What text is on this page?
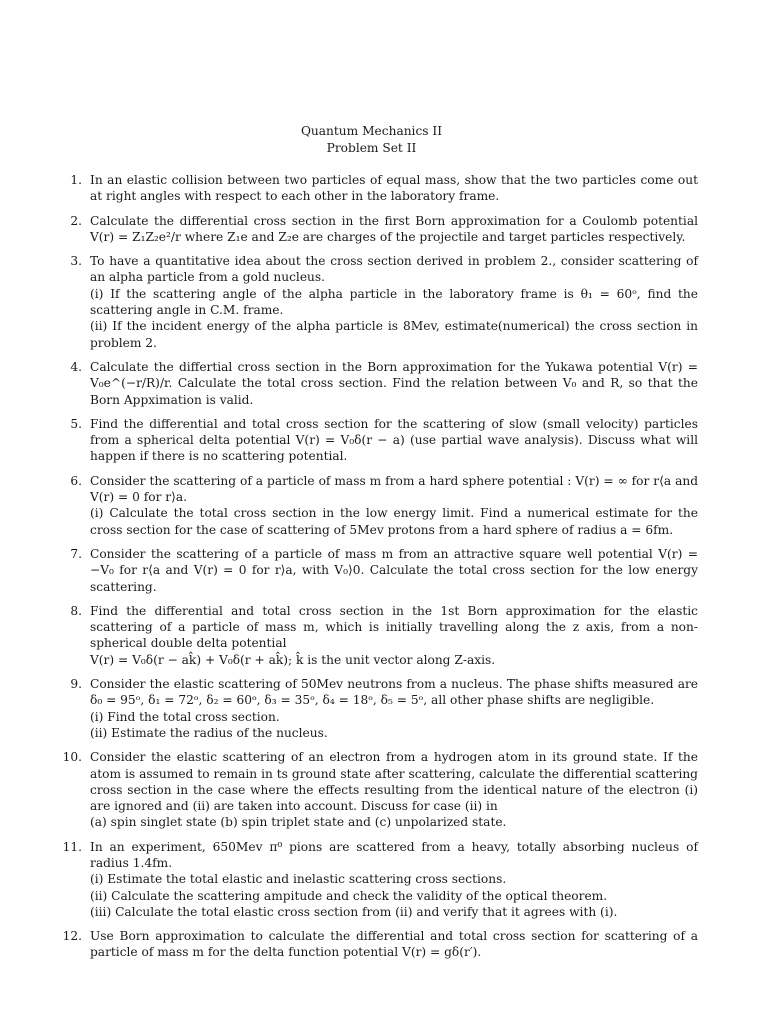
Quantum Mechanics II
Problem Set II
1. In an elastic collision between two particles of equal mass, show that the two particles come out at right angles with respect to each other in the laboratory frame.
2. Calculate the differential cross section in the first Born approximation for a Coulomb potential V(r) = Z₁Z₂e²/r where Z₁e and Z₂e are charges of the projectile and target particles respectively.
3. To have a quantitative idea about the cross section derived in problem 2., consider scattering of an alpha particle from a gold nucleus.
(i) If the scattering angle of the alpha particle in the laboratory frame is θ₁ = 60ᵒ, find the scattering angle in C.M. frame.
(ii) If the incident energy of the alpha particle is 8Mev, estimate(numerical) the cross section in problem 2.
4. Calculate the differtial cross section in the Born approximation for the Yukawa potential V(r) = V₀e^(−r/R)/r. Calculate the total cross section. Find the relation between V₀ and R, so that the Born Appximation is valid.
5. Find the differential and total cross section for the scattering of slow (small velocity) particles from a spherical delta potential V(r) = V₀δ(r − a) (use partial wave analysis). Discuss what will happen if there is no scattering potential.
6. Consider the scattering of a particle of mass m from a hard sphere potential : V(r) = ∞ for r⟨a and V(r) = 0 for r⟩a.
(i) Calculate the total cross section in the low energy limit. Find a numerical estimate for the cross section for the case of scattering of 5Mev protons from a hard sphere of radius a = 6fm.
7. Consider the scattering of a particle of mass m from an attractive square well potential V(r) = −V₀ for r⟨a and V(r) = 0 for r⟩a, with V₀⟩0. Calculate the total cross section for the low energy scattering.
8. Find the differential and total cross section in the 1st Born approximation for the elastic scattering of a particle of mass m, which is initially travelling along the z axis, from a non-spherical double delta potential
V(r) = V₀δ(r − ak̂) + V₀δ(r + ak̂); k̂ is the unit vector along Z-axis.
9. Consider the elastic scattering of 50Mev neutrons from a nucleus. The phase shifts measured are δ₀ = 95ᵒ, δ₁ = 72ᵒ, δ₂ = 60ᵒ, δ₃ = 35ᵒ, δ₄ = 18ᵒ, δ₅ = 5ᵒ, all other phase shifts are negligible.
(i) Find the total cross section.
(ii) Estimate the radius of the nucleus.
10. Consider the elastic scattering of an electron from a hydrogen atom in its ground state. If the atom is assumed to remain in ts ground state after scattering, calculate the differential scattering cross section in the case where the effects resulting from the identical nature of the electron (i) are ignored and (ii) are taken into account. Discuss for case (ii) in
(a) spin singlet state (b) spin triplet state and (c) unpolarized state.
11. In an experiment, 650Mev π⁰ pions are scattered from a heavy, totally absorbing nucleus of radius 1.4fm.
(i) Estimate the total elastic and inelastic scattering cross sections.
(ii) Calculate the scattering ampitude and check the validity of the optical theorem.
(iii) Calculate the total elastic cross section from (ii) and verify that it agrees with (i).
12. Use Born approximation to calculate the differential and total cross section for scattering of a particle of mass m for the delta function potential V(r) = gδ(r′).
